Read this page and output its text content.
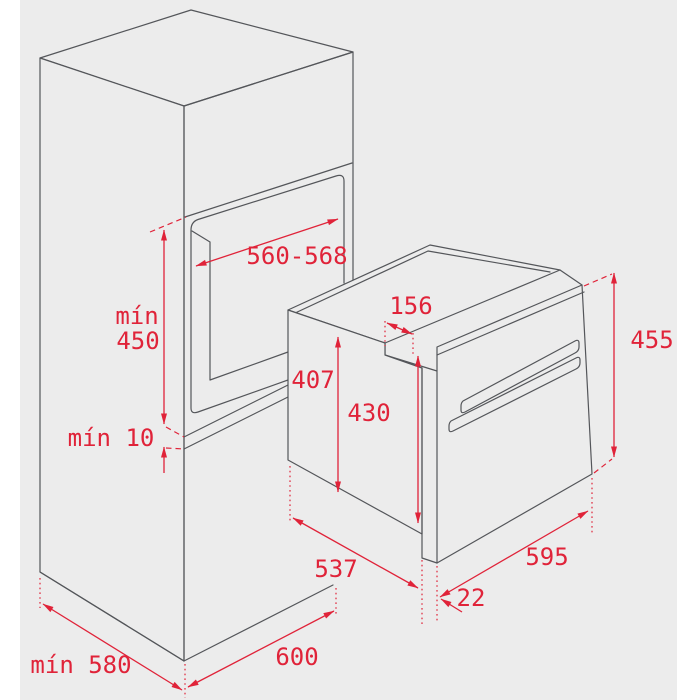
560-568
mín
450
mín 10
407
430
156
455
537	595
22
600
mín 580
